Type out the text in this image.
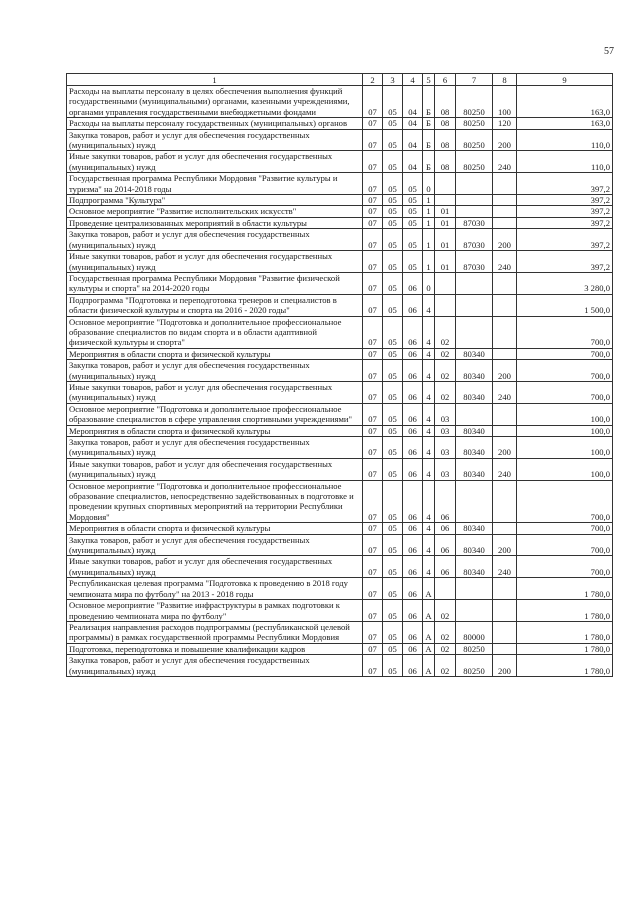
57
1	2	3	4	5	6	7	8	9
Расходы на выплаты персоналу в целях обеспечения выполнения функций государственными (муниципальными) органами, казенными учреждениями, органами управления государственными внебюджетными фондами	07	05	04	Б	08	80250	100	163,0
Расходы на выплаты персоналу государственных (муниципальных) органов	07	05	04	Б	08	80250	120	163,0
Закупка товаров, работ и услуг для обеспечения государственных (муниципальных) нужд	07	05	04	Б	08	80250	200	110,0
Иные закупки товаров, работ и услуг для обеспечения государственных (муниципальных) нужд	07	05	04	Б	08	80250	240	110,0
Государственная программа Республики Мордовия "Развитие культуры и туризма" на 2014-2018 годы	07	05	05	0				397,2
Подпрограмма "Культура"	07	05	05	1				397,2
Основное мероприятие "Развитие исполнительских искусств"	07	05	05	1	01			397,2
Проведение централизованных мероприятий в области культуры	07	05	05	1	01	87030		397,2
Закупка товаров, работ и услуг для обеспечения государственных (муниципальных) нужд	07	05	05	1	01	87030	200	397,2
Иные закупки товаров, работ и услуг для обеспечения государственных (муниципальных) нужд	07	05	05	1	01	87030	240	397,2
Государственная программа Республики Мордовия "Развитие физической культуры и спорта" на 2014-2020 годы	07	05	06	0				3 280,0
Подпрограмма "Подготовка и переподготовка тренеров и специалистов в области физической культуры и спорта на 2016 - 2020 годы"	07	05	06	4				1 500,0
Основное мероприятие "Подготовка и дополнительное профессиональное образование специалистов по видам спорта и в области адаптивной физической культуры и спорта"	07	05	06	4	02			700,0
Мероприятия в области спорта и физической культуры	07	05	06	4	02	80340		700,0
Закупка товаров, работ и услуг для обеспечения государственных (муниципальных) нужд	07	05	06	4	02	80340	200	700,0
Иные закупки товаров, работ и услуг для обеспечения государственных (муниципальных) нужд	07	05	06	4	02	80340	240	700,0
Основное мероприятие "Подготовка и дополнительное профессиональное образование специалистов в сфере управления спортивными учреждениями"	07	05	06	4	03			100,0
Мероприятия в области спорта и физической культуры	07	05	06	4	03	80340		100,0
Закупка товаров, работ и услуг для обеспечения государственных (муниципальных) нужд	07	05	06	4	03	80340	200	100,0
Иные закупки товаров, работ и услуг для обеспечения государственных (муниципальных) нужд	07	05	06	4	03	80340	240	100,0
Основное мероприятие "Подготовка и дополнительное профессиональное образование специалистов, непосредственно задействованных в подготовке и проведении крупных спортивных мероприятий на территории Республики Мордовия"	07	05	06	4	06			700,0
Мероприятия в области спорта и физической культуры	07	05	06	4	06	80340		700,0
Закупка товаров, работ и услуг для обеспечения государственных (муниципальных) нужд	07	05	06	4	06	80340	200	700,0
Иные закупки товаров, работ и услуг для обеспечения государственных (муниципальных) нужд	07	05	06	4	06	80340	240	700,0
Республиканская целевая программа "Подготовка к проведению в 2018 году чемпионата мира по футболу" на 2013 - 2018 годы	07	05	06	А				1 780,0
Основное мероприятие "Развитие инфраструктуры в рамках подготовки к проведению чемпионата мира по футболу"	07	05	06	А	02			1 780,0
Реализация направления расходов подпрограммы (республиканской целевой программы) в рамках государственной программы Республики Мордовия	07	05	06	А	02	80000		1 780,0
Подготовка, переподготовка и повышение квалификации кадров	07	05	06	А	02	80250		1 780,0
Закупка товаров, работ и услуг для обеспечения государственных (муниципальных) нужд	07	05	06	А	02	80250	200	1 780,0
